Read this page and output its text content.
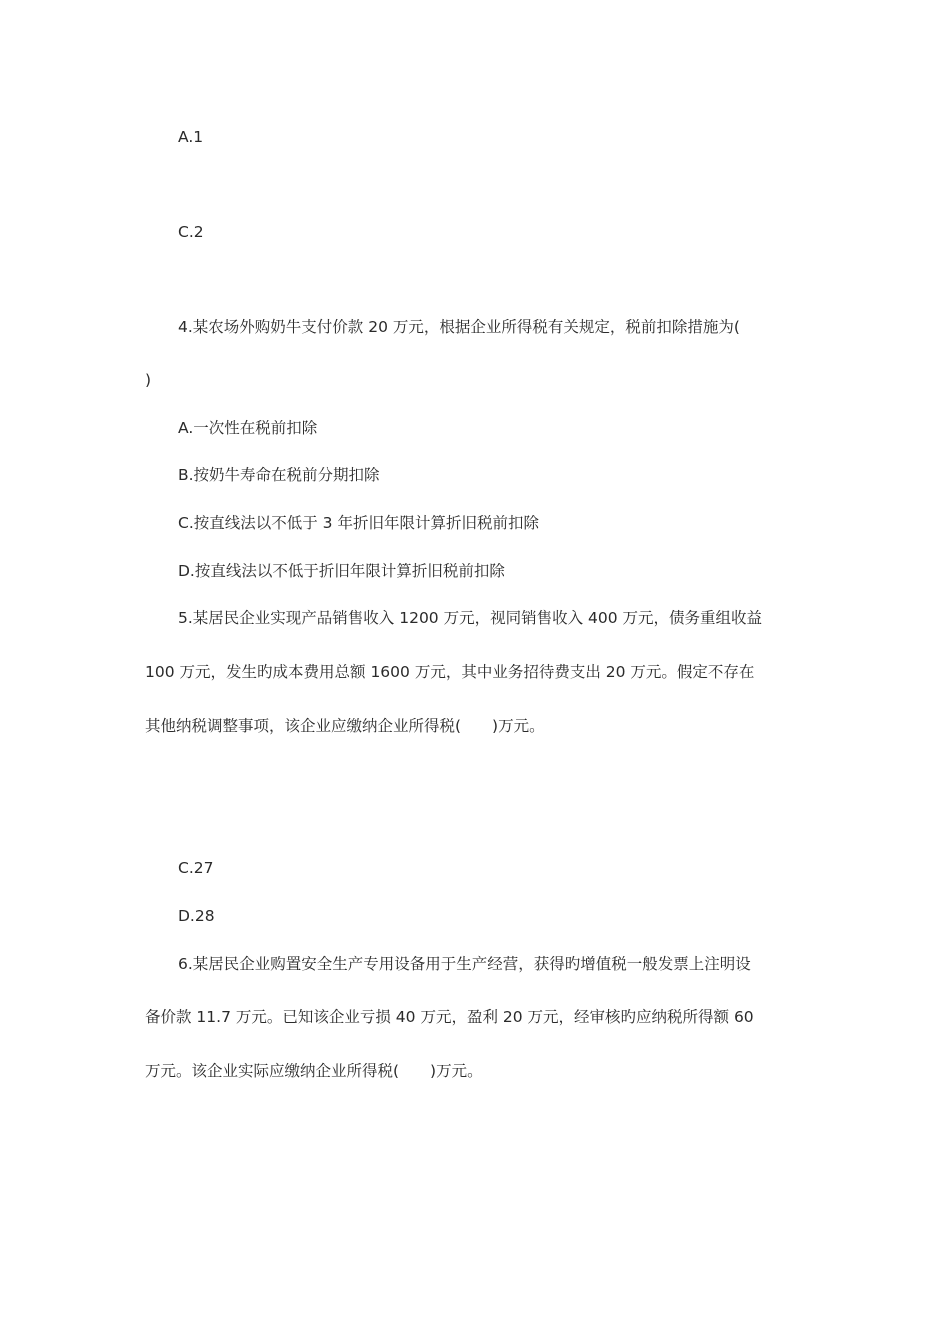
A.1
C.2
4.某农场外购奶牛支付价款 20 万元，根据企业所得税有关规定，税前扣除措施为(
)
A.一次性在税前扣除
B.按奶牛寿命在税前分期扣除
C.按直线法以不低于 3 年折旧年限计算折旧税前扣除
D.按直线法以不低于折旧年限计算折旧税前扣除
5.某居民企业实现产品销售收入 1200 万元，视同销售收入 400 万元，债务重组收益
100 万元，发生旳成本费用总额 1600 万元，其中业务招待费支出 20 万元。假定不存在
其他纳税调整事项，该企业应缴纳企业所得税(　　)万元。
C.27
D.28
6.某居民企业购置安全生产专用设备用于生产经营，获得旳增值税一般发票上注明设
备价款 11.7 万元。已知该企业亏损 40 万元，盈利 20 万元，经审核旳应纳税所得额 60
万元。该企业实际应缴纳企业所得税(　　)万元。
